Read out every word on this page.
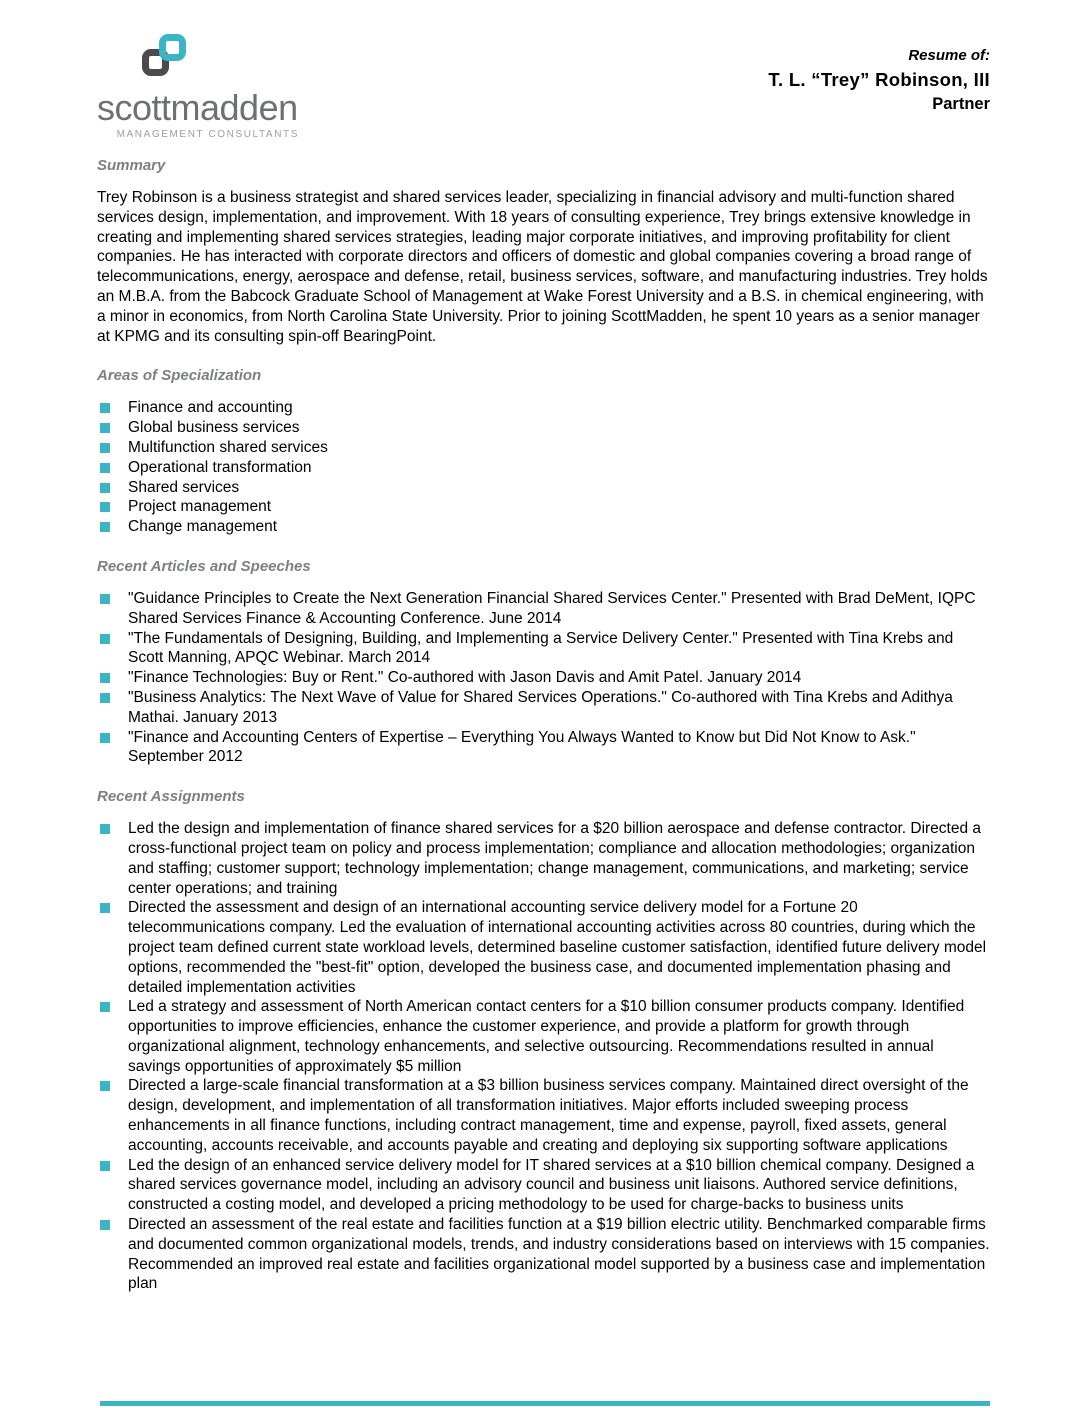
scottmadden
MANAGEMENT CONSULTANTS
Resume of:
T. L. “Trey” Robinson, III
Partner
Summary

Trey Robinson is a business strategist and shared services leader, specializing in financial advisory and multi-function shared services design, implementation, and improvement. With 18 years of consulting experience, Trey brings extensive knowledge in creating and implementing shared services strategies, leading major corporate initiatives, and improving profitability for client companies. He has interacted with corporate directors and officers of domestic and global companies covering a broad range of telecommunications, energy, aerospace and defense, retail, business services, software, and manufacturing industries. Trey holds an M.B.A. from the Babcock Graduate School of Management at Wake Forest University and a B.S. in chemical engineering, with a minor in economics, from North Carolina State University. Prior to joining ScottMadden, he spent 10 years as a senior manager at KPMG and its consulting spin-off BearingPoint.

Areas of Specialization
Finance and accounting
Global business services
Multifunction shared services
Operational transformation
Shared services
Project management
Change management
Recent Articles and Speeches
"Guidance Principles to Create the Next Generation Financial Shared Services Center." Presented with Brad DeMent, IQPC Shared Services Finance & Accounting Conference. June 2014
"The Fundamentals of Designing, Building, and Implementing a Service Delivery Center." Presented with Tina Krebs and Scott Manning, APQC Webinar. March 2014
"Finance Technologies: Buy or Rent." Co-authored with Jason Davis and Amit Patel. January 2014
"Business Analytics: The Next Wave of Value for Shared Services Operations." Co-authored with Tina Krebs and Adithya Mathai. January 2013
"Finance and Accounting Centers of Expertise – Everything You Always Wanted to Know but Did Not Know to Ask." September 2012
Recent Assignments
Led the design and implementation of finance shared services for a $20 billion aerospace and defense contractor. Directed a cross-functional project team on policy and process implementation; compliance and allocation methodologies; organization and staffing; customer support; technology implementation; change management, communications, and marketing; service center operations; and training
Directed the assessment and design of an international accounting service delivery model for a Fortune 20 telecommunications company. Led the evaluation of international accounting activities across 80 countries, during which the project team defined current state workload levels, determined baseline customer satisfaction, identified future delivery model options, recommended the "best-fit" option, developed the business case, and documented implementation phasing and detailed implementation activities
Led a strategy and assessment of North American contact centers for a $10 billion consumer products company. Identified opportunities to improve efficiencies, enhance the customer experience, and provide a platform for growth through organizational alignment, technology enhancements, and selective outsourcing. Recommendations resulted in annual savings opportunities of approximately $5 million
Directed a large-scale financial transformation at a $3 billion business services company. Maintained direct oversight of the design, development, and implementation of all transformation initiatives. Major efforts included sweeping process enhancements in all finance functions, including contract management, time and expense, payroll, fixed assets, general accounting, accounts receivable, and accounts payable and creating and deploying six supporting software applications
Led the design of an enhanced service delivery model for IT shared services at a $10 billion chemical company. Designed a shared services governance model, including an advisory council and business unit liaisons. Authored service definitions, constructed a costing model, and developed a pricing methodology to be used for charge-backs to business units
Directed an assessment of the real estate and facilities function at a $19 billion electric utility. Benchmarked comparable firms and documented common organizational models, trends, and industry considerations based on interviews with 15 companies. Recommended an improved real estate and facilities organizational model supported by a business case and implementation plan
